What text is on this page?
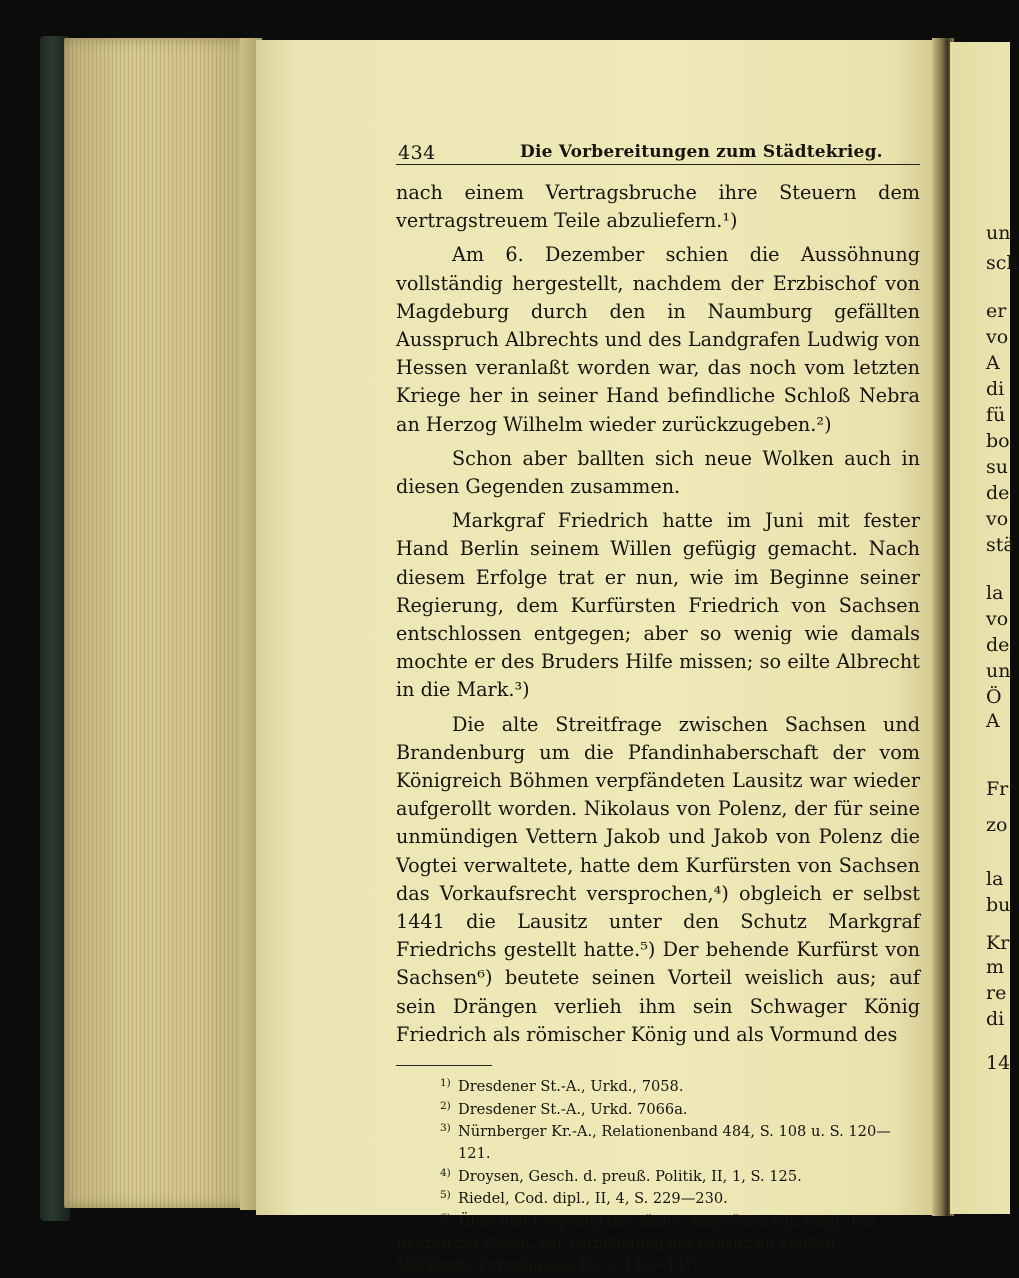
un
sch
er
vo
A
di
fü
bo
su
de
vo
stä
la
vo
de
un
Ö
A
Fr
zo
la
bu
Kr
m
re
di
14
434	Die Vorbereitungen zum Städtekrieg.

nach einem Vertragsbruche ihre Steuern dem vertragstreuem Teile abzuliefern.¹)

Am 6. Dezember schien die Aussöhnung vollständig hergestellt, nachdem der Erzbischof von Magdeburg durch den in Naumburg gefällten Ausspruch Albrechts und des Landgrafen Ludwig von Hessen veranlaßt worden war, das noch vom letzten Kriege her in seiner Hand befindliche Schloß Nebra an Herzog Wilhelm wieder zurückzugeben.²)

Schon aber ballten sich neue Wolken auch in diesen Gegenden zusammen.

Markgraf Friedrich hatte im Juni mit fester Hand Berlin seinem Willen gefügig gemacht. Nach diesem Erfolge trat er nun, wie im Beginne seiner Regierung, dem Kurfürsten Friedrich von Sachsen entschlossen entgegen; aber so wenig wie damals mochte er des Bruders Hilfe missen; so eilte Albrecht in die Mark.³)

Die alte Streitfrage zwischen Sachsen und Brandenburg um die Pfandinhaberschaft der vom Königreich Böhmen verpfändeten Lausitz war wieder aufgerollt worden. Nikolaus von Polenz, der für seine unmündigen Vettern Jakob und Jakob von Polenz die Vogtei verwaltete, hatte dem Kurfürsten von Sachsen das Vorkaufsrecht versprochen,⁴) obgleich er selbst 1441 die Lausitz unter den Schutz Markgraf Friedrichs gestellt hatte.⁵) Der behende Kurfürst von Sachsen⁶) beutete seinen Vorteil weislich aus; auf sein Drängen verlieh ihm sein Schwager König Friedrich als römischer König und als Vormund des

1) Dresdener St.-A., Urkd., 7058.
2) Dresdener St.-A., Urkd. 7066a.
3) Nürnberger Kr.-A., Relationenband 484, S. 108 u. S. 120—121.
4) Droysen, Gesch. d. preuß. Politik, II, 1, S. 125.
5) Riedel, Cod. dipl., II, 4, S. 229—230.
6) Über den Ursprung der sächs. Ansprüche vgl. Voigt, Ein Beitrag zur Gesch. der Verpfändung der Lausitz an Meißen, Märkische Forschungen IX, S. 142—147.
